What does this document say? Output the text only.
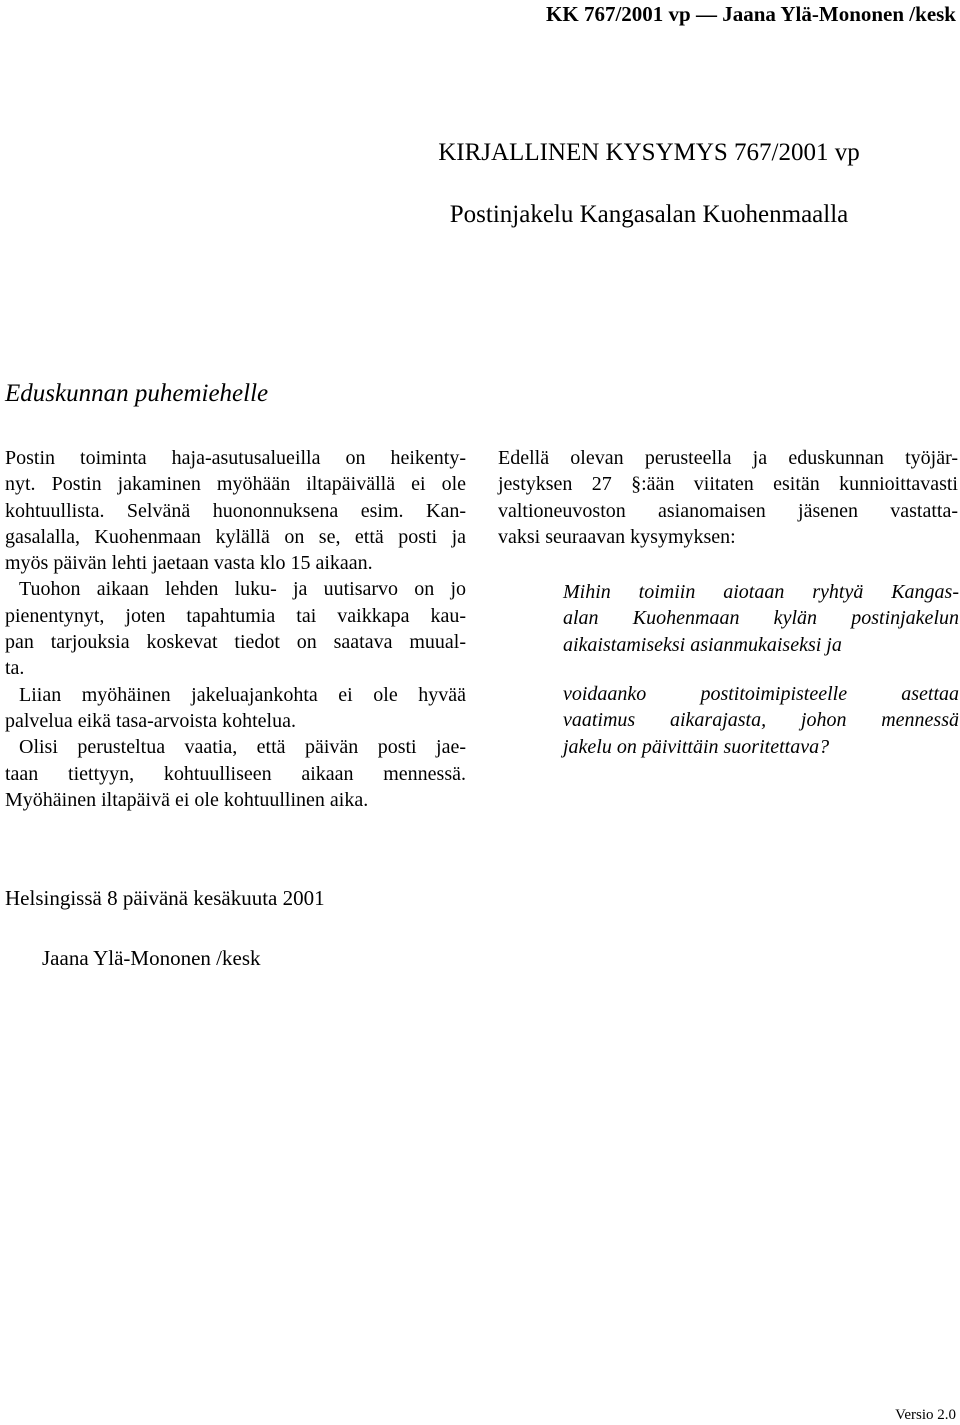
KK 767/2001 vp — Jaana Ylä-Mononen /kesk
KIRJALLINEN KYSYMYS 767/2001 vp
Postinjakelu Kangasalan Kuohenmaalla
Eduskunnan puhemiehelle

Postin toiminta haja-asutusalueilla on heikenty-
nyt. Postin jakaminen myöhään iltapäivällä ei ole
kohtuullista. Selvänä huononnuksena esim. Kan-
gasalalla, Kuohenmaan kylällä on se, että posti ja
myös päivän lehti jaetaan vasta klo 15 aikaan.

Tuohon aikaan lehden luku- ja uutisarvo on jo
pienentynyt, joten tapahtumia tai vaikkapa kau-
pan tarjouksia koskevat tiedot on saatava muual-
ta.

Liian myöhäinen jakeluajankohta ei ole hyvää
palvelua eikä tasa-arvoista kohtelua.

Olisi perusteltua vaatia, että päivän posti jae-
taan tiettyyn, kohtuulliseen aikaan mennessä.
Myöhäinen iltapäivä ei ole kohtuullinen aika.

Edellä olevan perusteella ja eduskunnan työjär-
jestyksen 27 §:ään viitaten esitän kunnioittavasti
valtioneuvoston asianomaisen jäsenen vastatta-
vaksi seuraavan kysymyksen:
Mihin toimiin aiotaan ryhtyä Kangas-
alan Kuohenmaan kylän postinjakelun
aikaistamiseksi asianmukaiseksi ja
voidaanko postitoimipisteelle asettaa
vaatimus aikarajasta, johon mennessä
jakelu on päivittäin suoritettava?
Helsingissä 8 päivänä kesäkuuta 2001
Jaana Ylä-Mononen /kesk
Versio 2.0
